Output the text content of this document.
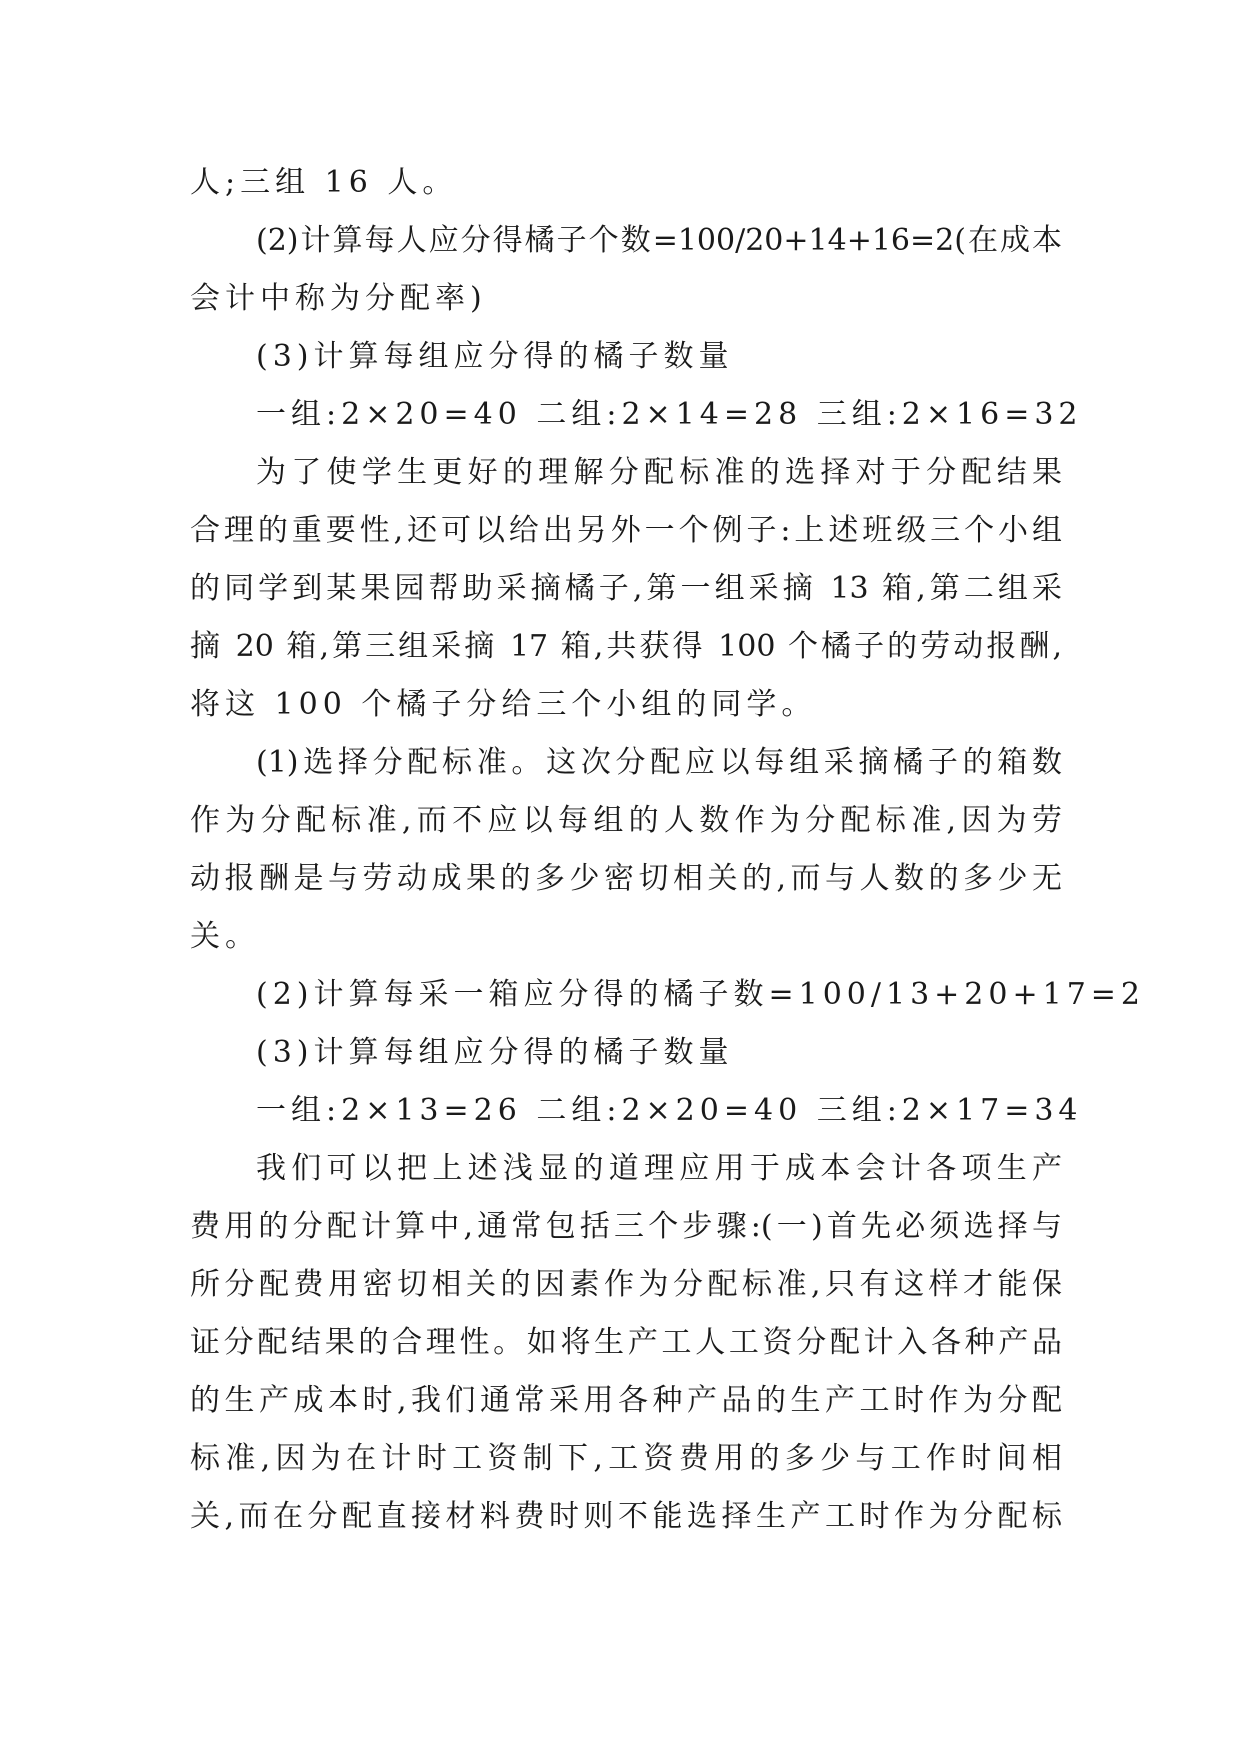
人;三组 16 人。
(2)计算每人应分得橘子个数=100/20+14+16=2(在成本
会计中称为分配率)
(3)计算每组应分得的橘子数量
一组:2×20=40 二组:2×14=28 三组:2×16=32
为了使学生更好的理解分配标准的选择对于分配结果
合理的重要性,还可以给出另外一个例子:上述班级三个小组
的同学到某果园帮助采摘橘子,第一组采摘 13 箱,第二组采
摘 20 箱,第三组采摘 17 箱,共获得 100 个橘子的劳动报酬,
将这 100 个橘子分给三个小组的同学。
(1)选择分配标准。这次分配应以每组采摘橘子的箱数
作为分配标准,而不应以每组的人数作为分配标准,因为劳
动报酬是与劳动成果的多少密切相关的,而与人数的多少无
关。
(2)计算每采一箱应分得的橘子数=100/13+20+17=2
(3)计算每组应分得的橘子数量
一组:2×13=26 二组:2×20=40 三组:2×17=34
我们可以把上述浅显的道理应用于成本会计各项生产
费用的分配计算中,通常包括三个步骤:(一)首先必须选择与
所分配费用密切相关的因素作为分配标准,只有这样才能保
证分配结果的合理性。如将生产工人工资分配计入各种产品
的生产成本时,我们通常采用各种产品的生产工时作为分配
标准,因为在计时工资制下,工资费用的多少与工作时间相
关,而在分配直接材料费时则不能选择生产工时作为分配标
